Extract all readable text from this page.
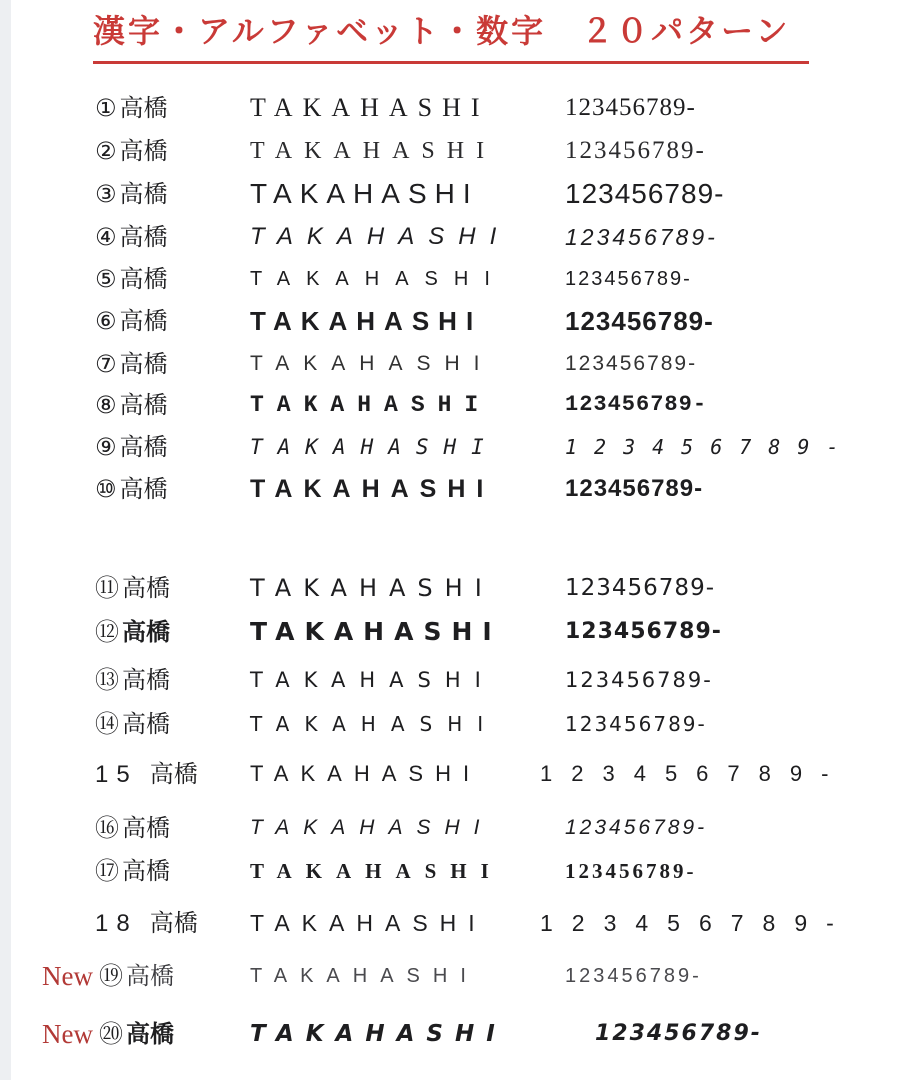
漢字・アルファベット・数字　２０パターン
① 高橋	TAKAHASHI	123456789-
② 高橋	TAKAHASHI	123456789-
③ 高橋	TAKAHASHI	123456789-
④ 高橋	TAKAHASHI 123456789-
⑤ 高橋	TAKAHASHI	123456789-
⑥ 高橋	TAKAHASHI	123456789-
⑦ 高橋	TAKAHASHI	123456789-
⑧ 高橋	TAKAHASHI	123456789-
⑨ 高橋	TAKAHASHI	123456789-
⑩ 高橋	TAKAHASHI	123456789-
⑪ 高橋	TAKAHASHI	123456789-
⑫ 高橋	TAKAHASHI	123456789-
⑬ 高橋	TAKAHASHI	123456789-
⑭ 高橋	TAKAHASHI	123456789-
15 高橋 TAKAHASHI	123456789-
⑯ 高橋	TAKAHASHI	123456789-
⑰ 高橋	TAKAHASHI	123456789-
18 高橋 TAKAHASHI 123456789-
New ⑲ 高橋	TAKAHASHI	123456789-
New ⑳ 高橋	TAKAHASHI	123456789-
